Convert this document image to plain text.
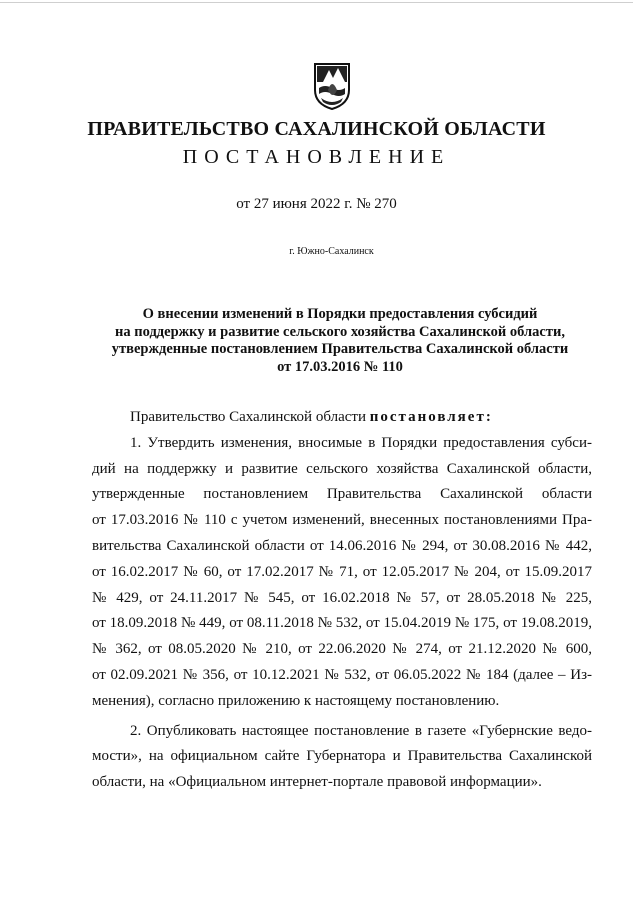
ПРАВИТЕЛЬСТВО САХАЛИНСКОЙ ОБЛАСТИ
ПОСТАНОВЛЕНИЕ
от 27 июня 2022 г. № 270
г. Южно-Сахалинск
О внесении изменений в Порядки предоставления субсидий
на поддержку и развитие сельского хозяйства Сахалинской области,
утвержденные постановлением Правительства Сахалинской области
от 17.03.2016 № 110
Правительство Сахалинской области постановляет:
1. Утвердить изменения, вносимые в Порядки предоставления субси-
дий на поддержку и развитие сельского хозяйства Сахалинской области,
утвержденные постановлением Правительства Сахалинской области
от 17.03.2016 № 110 с учетом изменений, внесенных постановлениями Пра-
вительства Сахалинской области от 14.06.2016 № 294, от 30.08.2016 № 442,
от 16.02.2017 № 60, от 17.02.2017 № 71, от 12.05.2017 № 204, от 15.09.2017
№ 429, от 24.11.2017 № 545, от 16.02.2018 № 57, от 28.05.2018 № 225,
от 18.09.2018 № 449, от 08.11.2018 № 532, от 15.04.2019 № 175, от 19.08.2019,
№ 362, от 08.05.2020 № 210, от 22.06.2020 № 274, от 21.12.2020 № 600,
от 02.09.2021 № 356, от 10.12.2021 № 532, от 06.05.2022 № 184 (далее – Из-
менения), согласно приложению к настоящему постановлению.
2. Опубликовать настоящее постановление в газете «Губернские ведо-
мости», на официальном сайте Губернатора и Правительства Сахалинской
области, на «Официальном интернет-портале правовой информации».
